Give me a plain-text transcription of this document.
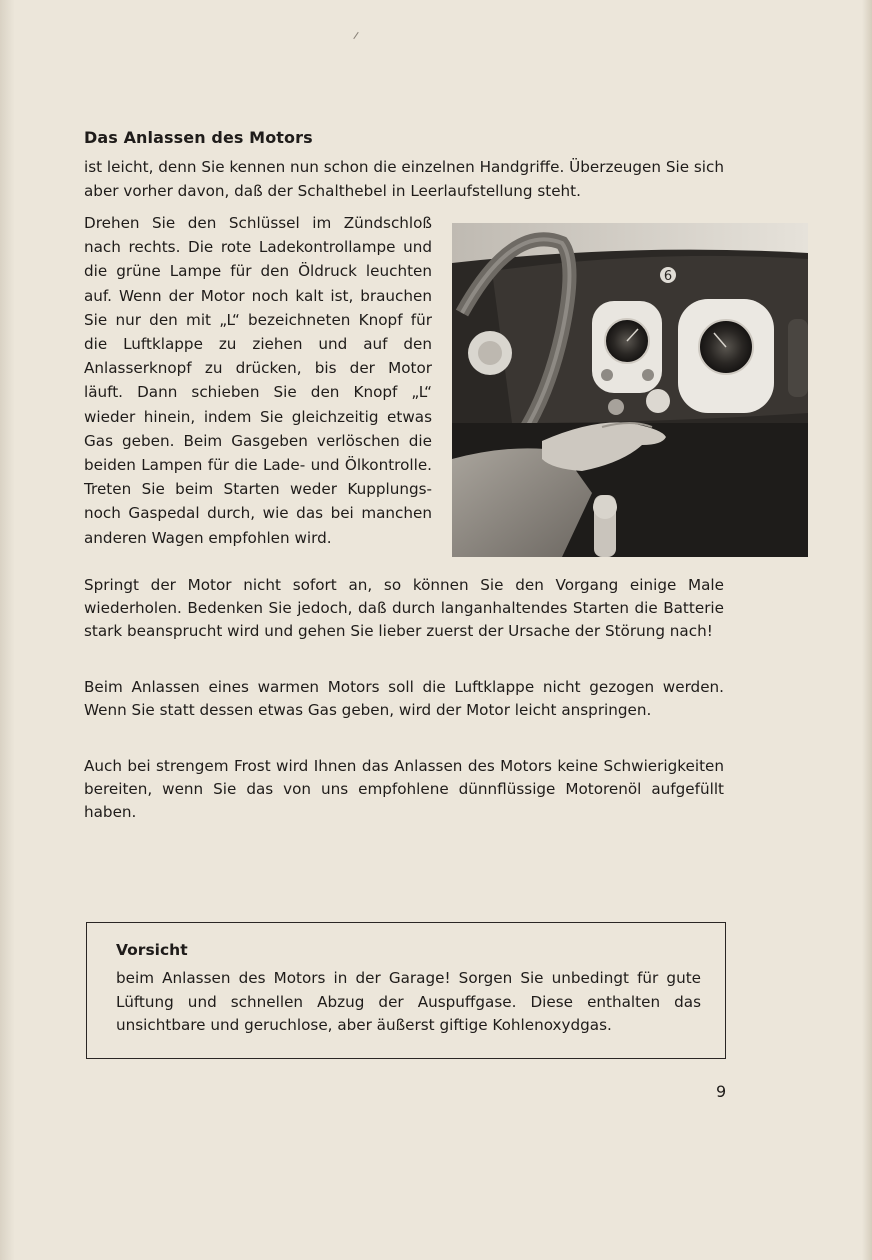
Das Anlassen des Motors

ist leicht, denn Sie kennen nun schon die einzelnen Handgriffe. Überzeugen Sie sich aber vorher davon, daß der Schalthebel in Leerlaufstellung steht.

Drehen Sie den Schlüssel im Zündschloß nach rechts. Die rote Ladekontrollampe und die grüne Lampe für den Öldruck leuchten auf. Wenn der Motor noch kalt ist, brauchen Sie nur den mit „L“ bezeichneten Knopf für die Luftklappe zu ziehen und auf den Anlasserknopf zu drücken, bis der Motor läuft. Dann schieben Sie den Knopf „L“ wieder hinein, indem Sie gleichzeitig etwas Gas geben. Beim Gasgeben verlöschen die beiden Lampen für die Lade- und Ölkontrolle. Treten Sie beim Starten weder Kupplungs- noch Gaspedal durch, wie das bei manchen anderen Wagen empfohlen wird.

6

Springt der Motor nicht sofort an, so können Sie den Vorgang einige Male wiederholen. Bedenken Sie jedoch, daß durch langanhaltendes Starten die Batterie stark beansprucht wird und gehen Sie lieber zuerst der Ursache der Störung nach!

Beim Anlassen eines warmen Motors soll die Luftklappe nicht gezogen werden. Wenn Sie statt dessen etwas Gas geben, wird der Motor leicht anspringen.

Auch bei strengem Frost wird Ihnen das Anlassen des Motors keine Schwierigkeiten bereiten, wenn Sie das von uns empfohlene dünnflüssige Motorenöl aufgefüllt haben.

Vorsicht

beim Anlassen des Motors in der Garage! Sorgen Sie unbedingt für gute Lüftung und schnellen Abzug der Auspuffgase. Diese enthalten das unsichtbare und geruchlose, aber äußerst giftige Kohlenoxydgas.

9
